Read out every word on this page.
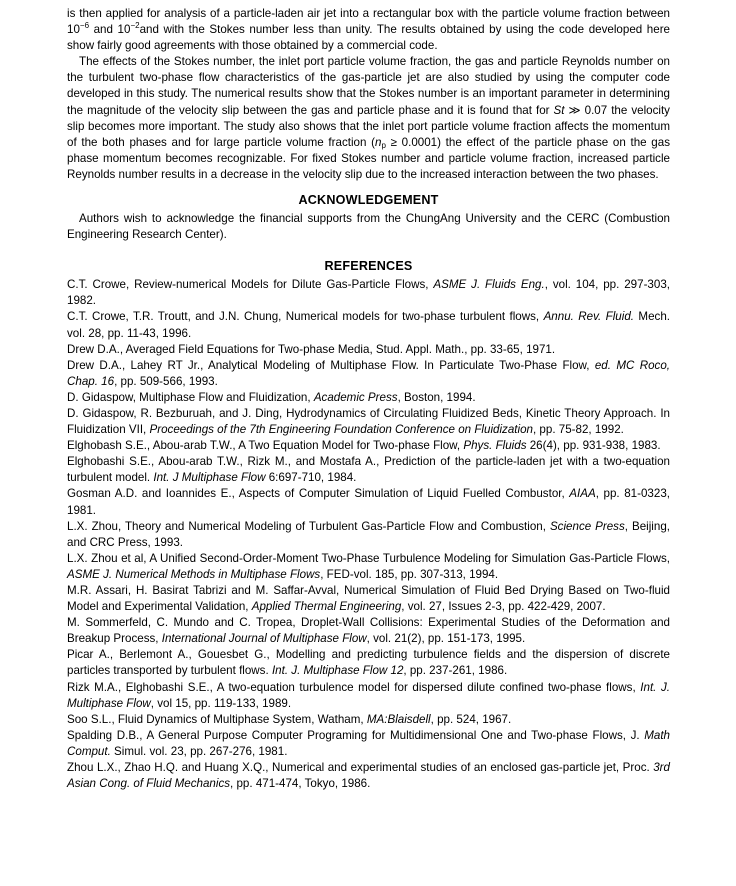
is then applied for analysis of a particle-laden air jet into a rectangular box with the particle volume fraction between $10^{-6}$ and $10^{-2}and$ with the Stokes number less than unity. The results obtained by using the code developed here show fairly good agreements with those obtained by a commercial code.

The effects of the Stokes number, the inlet port particle volume fraction, the gas and particle Reynolds number on the turbulent two-phase flow characteristics of the gas-particle jet are also studied by using the computer code developed in this study. The numerical results show that the Stokes number is an important parameter in determining the magnitude of the velocity slip between the gas and particle phase and it is found that for St ≫ 0.07 the velocity slip becomes more important. The study also shows that the inlet port particle volume fraction affects the momentum of the both phases and for large particle volume fraction $(n_p \ge 0.0001)$ the effect of the particle phase on the gas phase momentum becomes recognizable. For fixed Stokes number and particle volume fraction, increased particle Reynolds number results in a decrease in the velocity slip due to the increased interaction between the two phases.

ACKNOWLEDGEMENT

Authors wish to acknowledge the financial supports from the ChungAng University and the CERC (Combustion Engineering Research Center).

REFERENCES

C.T. Crowe, Review-numerical Models for Dilute Gas-Particle Flows, ASME J. Fluids Eng., vol. 104, pp. 297-303, 1982.

C.T. Crowe, T.R. Troutt, and J.N. Chung, Numerical models for two-phase turbulent flows, Annu. Rev. Fluid. Mech. vol. 28, pp. 11-43, 1996.

Drew D.A., Averaged Field Equations for Two-phase Media, Stud. Appl. Math., pp. 33-65, 1971.

Drew D.A., Lahey RT Jr., Analytical Modeling of Multiphase Flow. In Particulate Two-Phase Flow, ed. MC Roco, Chap. 16, pp. 509-566, 1993.

D. Gidaspow, Multiphase Flow and Fluidization, Academic Press, Boston, 1994.

D. Gidaspow, R. Bezburuah, and J. Ding, Hydrodynamics of Circulating Fluidized Beds, Kinetic Theory Approach. In Fluidization VII, Proceedings of the 7th Engineering Foundation Conference on Fluidization, pp. 75-82, 1992.

Elghobash S.E., Abou-arab T.W., A Two Equation Model for Two-phase Flow, Phys. Fluids 26(4), pp. 931-938, 1983.

Elghobashi S.E., Abou-arab T.W., Rizk M., and Mostafa A., Prediction of the particle-laden jet with a two-equation turbulent model. Int. J Multiphase Flow 6:697-710, 1984.

Gosman A.D. and Ioannides E., Aspects of Computer Simulation of Liquid Fuelled Combustor, AIAA, pp. 81-0323, 1981.

L.X. Zhou, Theory and Numerical Modeling of Turbulent Gas-Particle Flow and Combustion, Science Press, Beijing, and CRC Press, 1993.

L.X. Zhou et al, A Unified Second-Order-Moment Two-Phase Turbulence Modeling for Simulation Gas-Particle Flows, ASME J. Numerical Methods in Multiphase Flows, FED-vol. 185, pp. 307-313, 1994.

M.R. Assari, H. Basirat Tabrizi and M. Saffar-Avval, Numerical Simulation of Fluid Bed Drying Based on Two-fluid Model and Experimental Validation, Applied Thermal Engineering, vol. 27, Issues 2-3, pp. 422-429, 2007.

M. Sommerfeld, C. Mundo and C. Tropea, Droplet-Wall Collisions: Experimental Studies of the Deformation and Breakup Process, International Journal of Multiphase Flow, vol. 21(2), pp. 151-173, 1995.

Picar A., Berlemont A., Gouesbet G., Modelling and predicting turbulence fields and the dispersion of discrete particles transported by turbulent flows. Int. J. Multiphase Flow 12, pp. 237-261, 1986.

Rizk M.A., Elghobashi S.E., A two-equation turbulence model for dispersed dilute confined two-phase flows, Int. J. Multiphase Flow, vol 15, pp. 119-133, 1989.

Soo S.L., Fluid Dynamics of Multiphase System, Watham, MA:Blaisdell, pp. 524, 1967.

Spalding D.B., A General Purpose Computer Programing for Multidimensional One and Two-phase Flows, J. Math Comput. Simul. vol. 23, pp. 267-276, 1981.

Zhou L.X., Zhao H.Q. and Huang X.Q., Numerical and experimental studies of an enclosed gas-particle jet, Proc. 3rd Asian Cong. of Fluid Mechanics, pp. 471-474, Tokyo, 1986.
